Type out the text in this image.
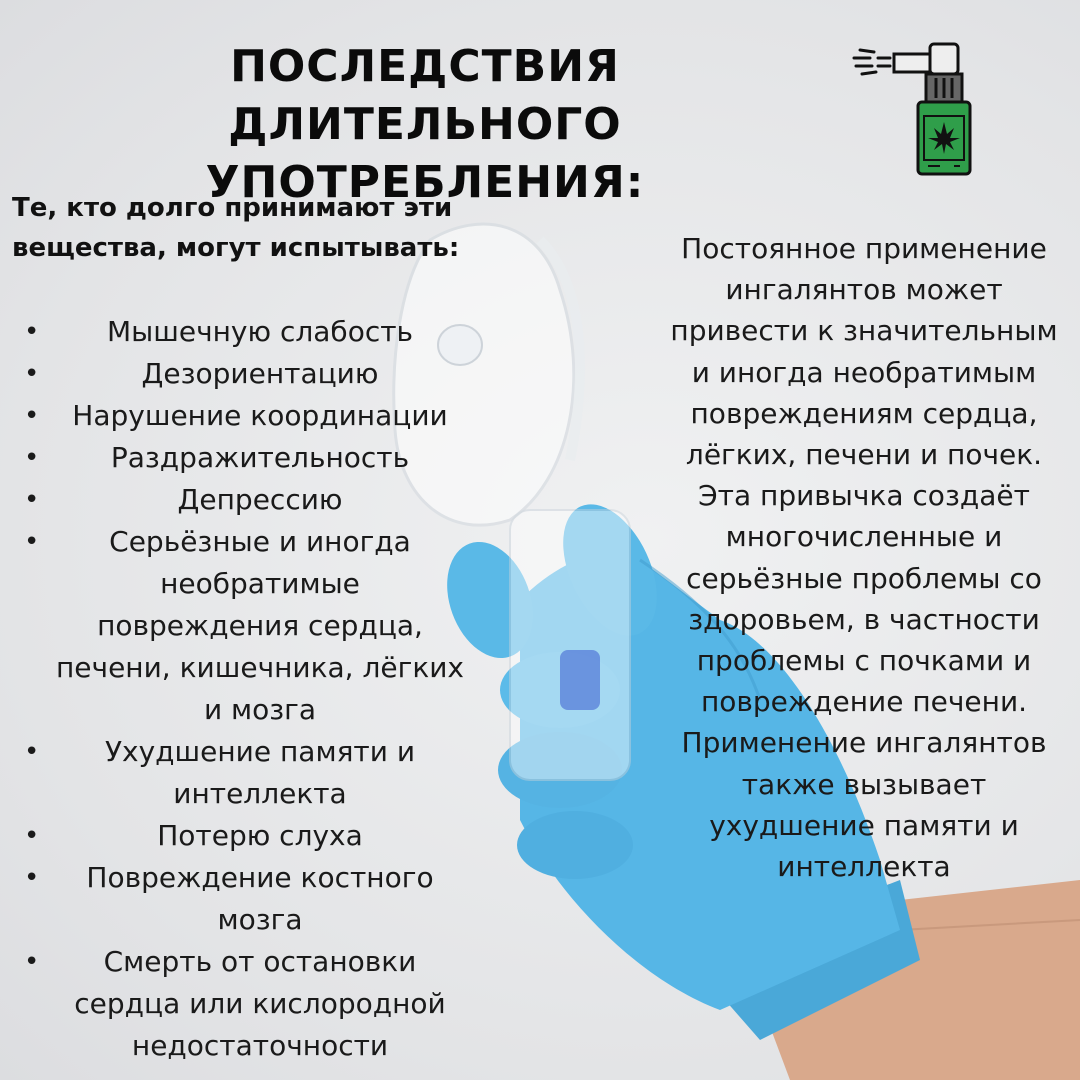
ПОСЛЕДСТВИЯ ДЛИТЕЛЬНОГО
УПОТРЕБЛЕНИЯ:
Те, кто долго принимают эти
вещества, могут испытывать:
• Мышечную слабость
• Дезориентацию
• Нарушение координации
• Раздражительность
• Депрессию
• Серьёзные и иногда необратимые повреждения сердца, печени, кишечника, лёгких и мозга
• Ухудшение памяти и интеллекта
• Потерю слуха
• Повреждение костного мозга
• Смерть от остановки сердца или кислородной недостаточности
Постоянное применение ингалянтов может привести к значительным и иногда необратимым повреждениям сердца, лёгких, печени и почек. Эта привычка создаёт многочисленные и серьёзные проблемы со здоровьем, в частности проблемы с почками и повреждение печени. Применение ингалянтов также вызывает ухудшение памяти и интеллекта
